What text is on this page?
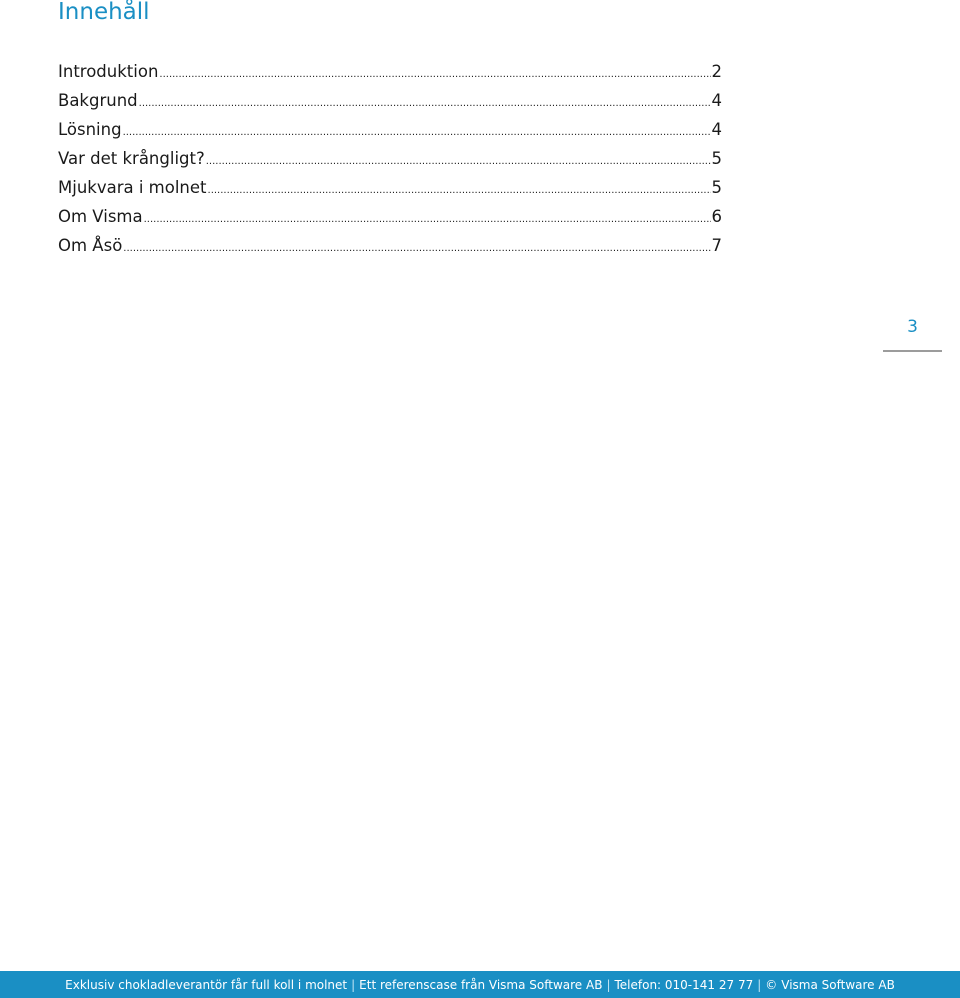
Innehåll
Introduktion .....	2
Bakgrund .....	4
Lösning .....	4
Var det krångligt? .....	5
Mjukvara i molnet .....	5
Om Visma .....	6
Om Åsö .....	7
3
Exklusiv chokladleverantör får full koll i molnet | Ett referenscase från Visma Software AB | Telefon: 010-141 27 77 | © Visma Software AB
